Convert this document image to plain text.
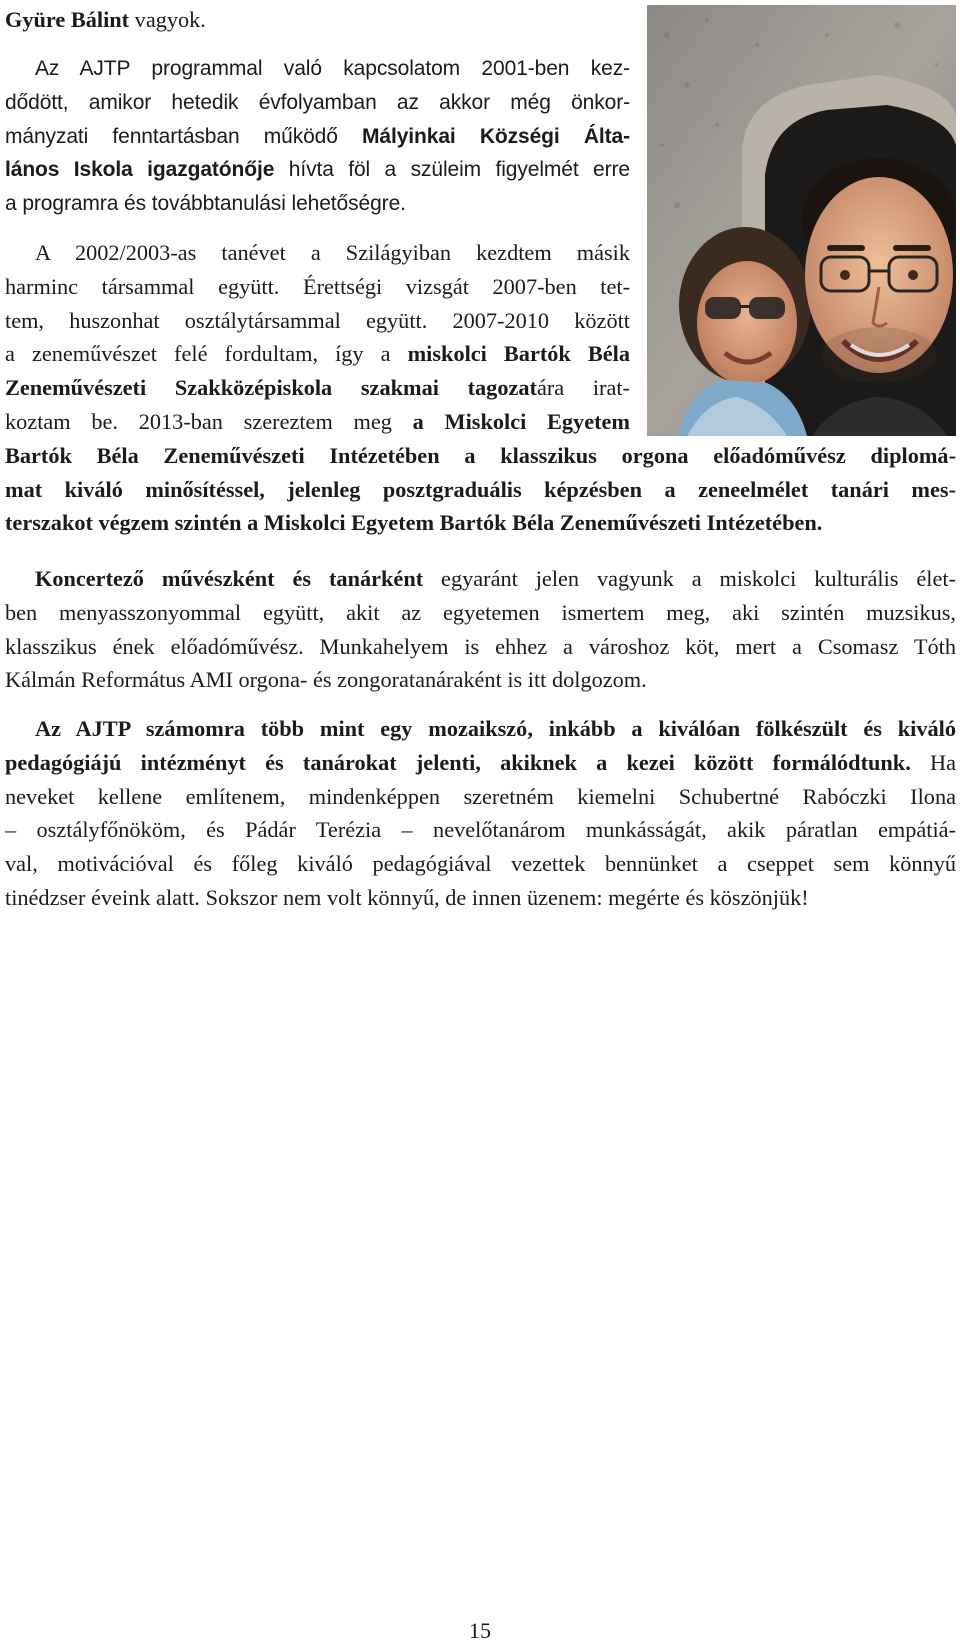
Gyüre Bálint vagyok.
Az AJTP programmal való kapcsolatom 2001-ben kez-
dődött, amikor hetedik évfolyamban az akkor még önkor-
mányzati fenntartásban működő Mályinkai Községi Álta-
lános Iskola igazgatónője hívta föl a szüleim figyelmét erre
a programra és továbbtanulási lehetőségre.
A 2002/2003-as tanévet a Szilágyiban kezdtem másik
harminc társammal együtt. Érettségi vizsgát 2007-ben tet-
tem, huszonhat osztálytársammal együtt. 2007-2010 között
a zeneművészet felé fordultam, így a miskolci Bartók Béla
Zeneművészeti Szakközépiskola szakmai tagozatára irat-
koztam be. 2013-ban szereztem meg a Miskolci Egyetem
Bartók Béla Zeneművészeti Intézetében a klasszikus orgona előadóművész diplomá-
mat kiváló minősítéssel, jelenleg posztgraduális képzésben a zeneelmélet tanári mes-
terszakot végzem szintén a Miskolci Egyetem Bartók Béla Zeneművészeti Intézetében.
Koncertező művészként és tanárként egyaránt jelen vagyunk a miskolci kulturális élet-
ben menyasszonyommal együtt, akit az egyetemen ismertem meg, aki szintén muzsikus,
klasszikus ének előadóművész. Munkahelyem is ehhez a városhoz köt, mert a Csomasz Tóth
Kálmán Református AMI orgona- és zongoratanáraként is itt dolgozom.
Az AJTP számomra több mint egy mozaikszó, inkább a kiválóan fölkészült és kiváló
pedagógiájú intézményt és tanárokat jelenti, akiknek a kezei között formálódtunk. Ha
neveket kellene említenem, mindenképpen szeretném kiemelni Schubertné Rabóczki Ilona
– osztályfőnököm, és Pádár Terézia – nevelőtanárom munkásságát, akik páratlan empátiá-
val, motivációval és főleg kiváló pedagógiával vezettek bennünket a cseppet sem könnyű
tinédzser éveink alatt. Sokszor nem volt könnyű, de innen üzenem: megérte és köszönjük!
15
